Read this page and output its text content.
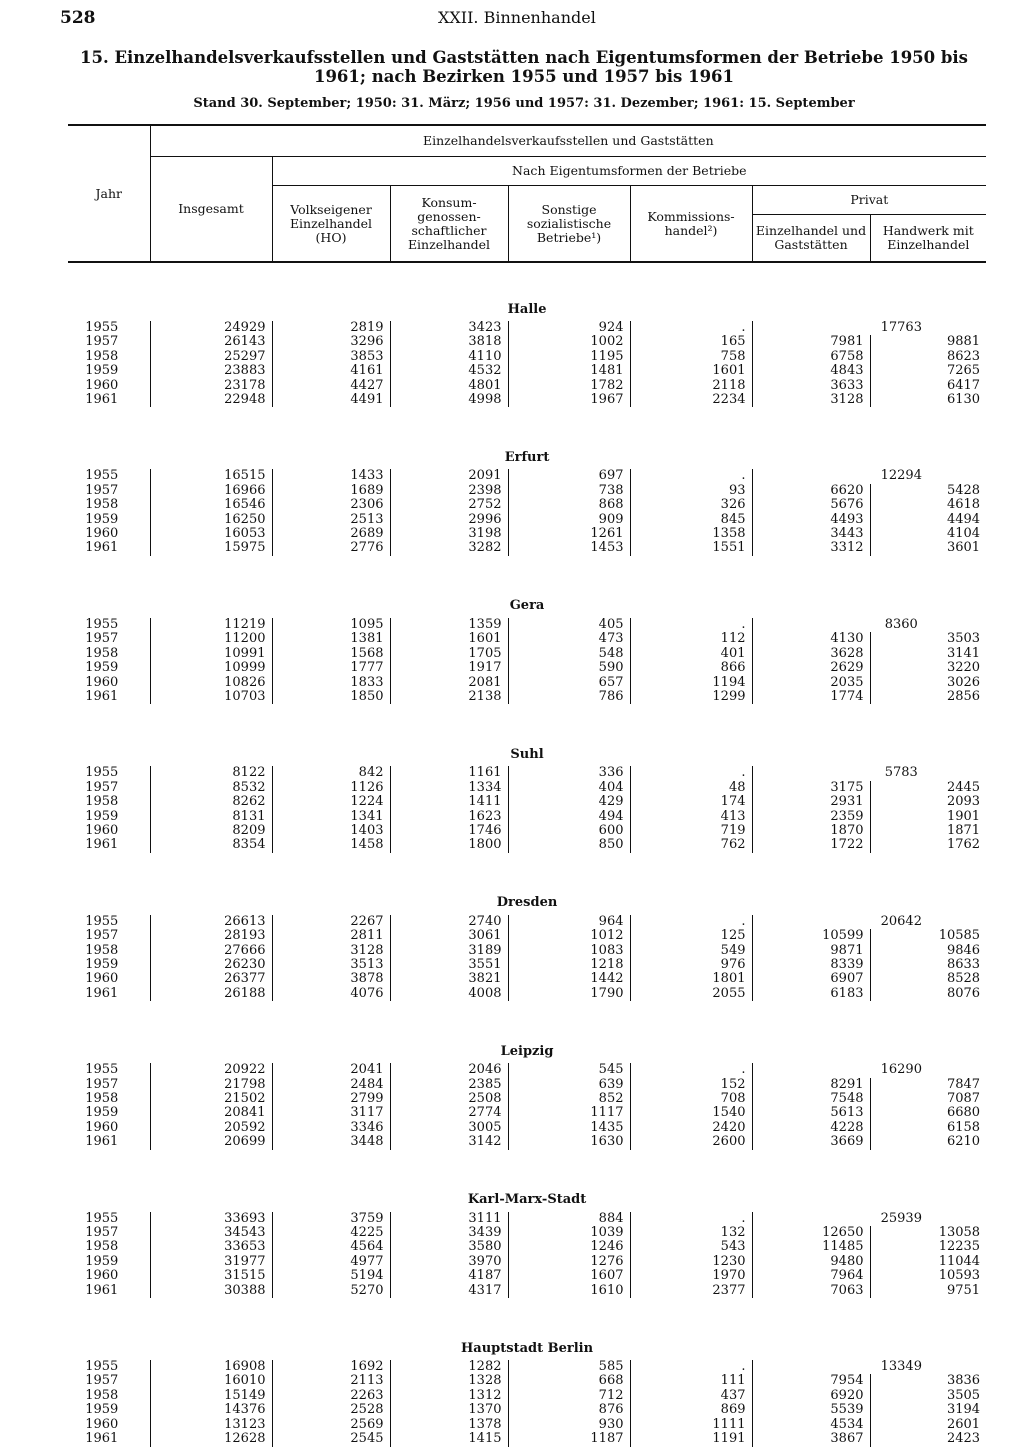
528	XXII. Binnenhandel
15. Einzelhandelsverkaufsstellen und Gaststätten nach Eigentumsformen der Betriebe 1950 bis 1961; nach Bezirken 1955 und 1957 bis 1961
Stand 30. September; 1950: 31. März; 1956 und 1957: 31. Dezember; 1961: 15. September
Jahr	Einzelhandelsverkaufsstellen und Gaststätten						
	Insgesamt	Nach Eigentumsformen der Betriebe					
		Volkseigener Einzelhandel (HO)	Konsum-genossen-schaftlicher Einzelhandel	Sonstige sozialistische Betriebe¹)	Kommissions-handel²)	Privat	
						Einzelhandel und Gaststätten	Handwerk mit Einzelhandel

Halle							
1955	24929	2819	3423	924	.	17763	
1957	26143	3296	3818	1002	165	7981	9881
1958	25297	3853	4110	1195	758	6758	8623
1959	23883	4161	4532	1481	1601	4843	7265
1960	23178	4427	4801	1782	2118	3633	6417
1961	22948	4491	4998	1967	2234	3128	6130

Erfurt							
1955	16515	1433	2091	697	.	12294	
1957	16966	1689	2398	738	93	6620	5428
1958	16546	2306	2752	868	326	5676	4618
1959	16250	2513	2996	909	845	4493	4494
1960	16053	2689	3198	1261	1358	3443	4104
1961	15975	2776	3282	1453	1551	3312	3601

Gera							
1955	11219	1095	1359	405	.	8360	
1957	11200	1381	1601	473	112	4130	3503
1958	10991	1568	1705	548	401	3628	3141
1959	10999	1777	1917	590	866	2629	3220
1960	10826	1833	2081	657	1194	2035	3026
1961	10703	1850	2138	786	1299	1774	2856

Suhl							
1955	8122	842	1161	336	.	5783	
1957	8532	1126	1334	404	48	3175	2445
1958	8262	1224	1411	429	174	2931	2093
1959	8131	1341	1623	494	413	2359	1901
1960	8209	1403	1746	600	719	1870	1871
1961	8354	1458	1800	850	762	1722	1762

Dresden							
1955	26613	2267	2740	964	.	20642	
1957	28193	2811	3061	1012	125	10599	10585
1958	27666	3128	3189	1083	549	9871	9846
1959	26230	3513	3551	1218	976	8339	8633
1960	26377	3878	3821	1442	1801	6907	8528
1961	26188	4076	4008	1790	2055	6183	8076

Leipzig							
1955	20922	2041	2046	545	.	16290	
1957	21798	2484	2385	639	152	8291	7847
1958	21502	2799	2508	852	708	7548	7087
1959	20841	3117	2774	1117	1540	5613	6680
1960	20592	3346	3005	1435	2420	4228	6158
1961	20699	3448	3142	1630	2600	3669	6210

Karl-Marx-Stadt							
1955	33693	3759	3111	884	.	25939	
1957	34543	4225	3439	1039	132	12650	13058
1958	33653	4564	3580	1246	543	11485	12235
1959	31977	4977	3970	1276	1230	9480	11044
1960	31515	5194	4187	1607	1970	7964	10593
1961	30388	5270	4317	1610	2377	7063	9751

Hauptstadt Berlin							
1955	16908	1692	1282	585	.	13349	
1957	16010	2113	1328	668	111	7954	3836
1958	15149	2263	1312	712	437	6920	3505
1959	14376	2528	1370	876	869	5539	3194
1960	13123	2569	1378	930	1111	4534	2601
1961	12628	2545	1415	1187	1191	3867	2423
